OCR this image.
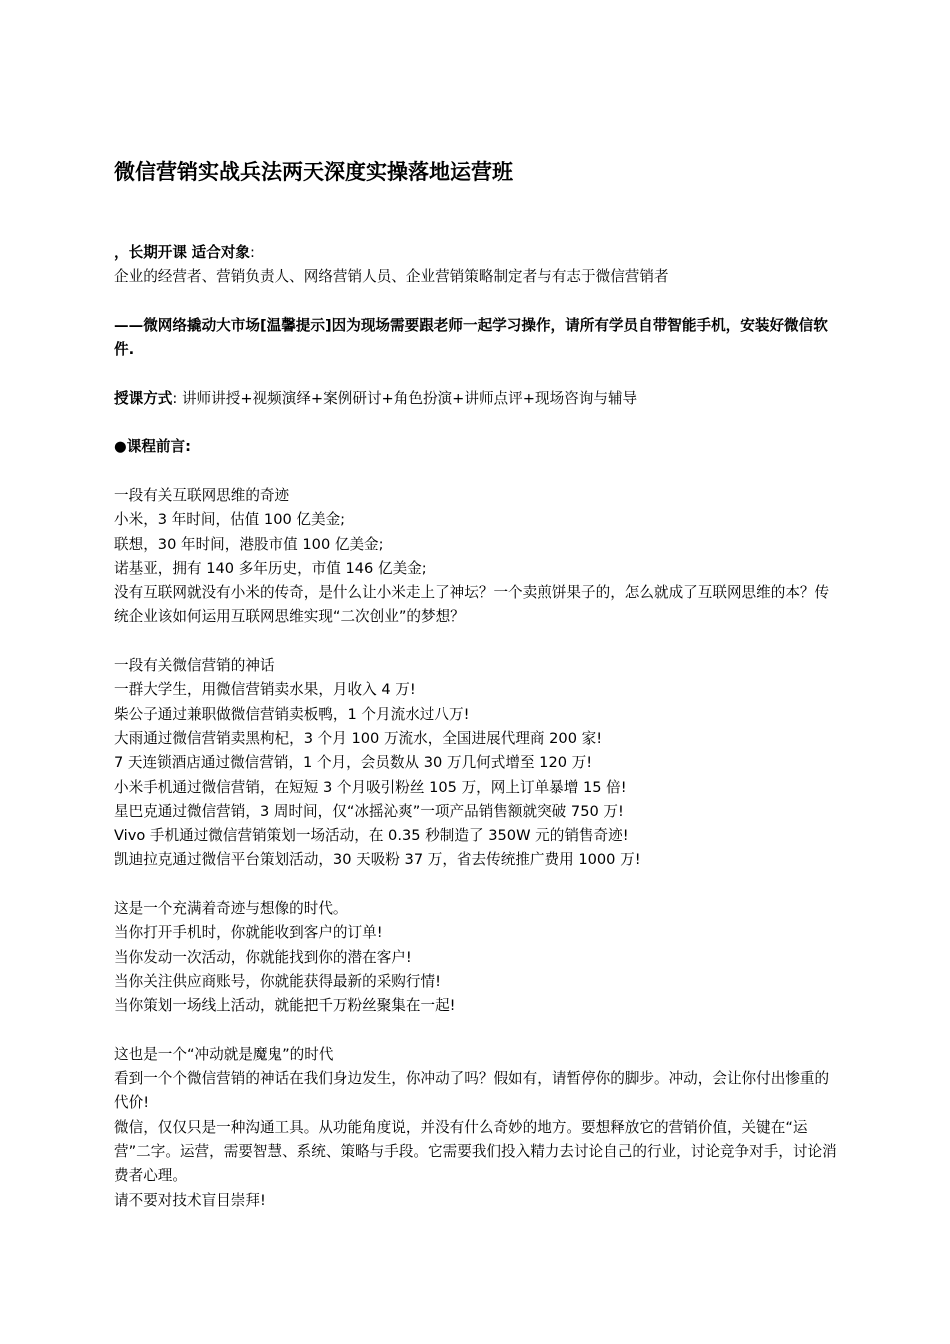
微信营销实战兵法两天深度实操落地运营班
，长期开课 适合对象:
企业的经营者、营销负责人、网络营销人员、企业营销策略制定者与有志于微信营销者
——微网络撬动大市场[温馨提示]因为现场需要跟老师一起学习操作，请所有学员自带智能手机，安装好微信软件.
授课方式: 讲师讲授+视频演绎+案例研讨+角色扮演+讲师点评+现场咨询与辅导
●课程前言:
一段有关互联网思维的奇迹
小米，3 年时间，估值 100 亿美金;
联想，30 年时间，港股市值 100 亿美金;
诺基亚，拥有 140 多年历史，市值 146 亿美金;
没有互联网就没有小米的传奇，是什么让小米走上了神坛？一个卖煎饼果子的，怎么就成了互联网思维的本？传统企业该如何运用互联网思维实现“二次创业”的梦想？
一段有关微信营销的神话
一群大学生，用微信营销卖水果，月收入 4 万!
柴公子通过兼职做微信营销卖板鸭，1 个月流水过八万!
大雨通过微信营销卖黑枸杞，3 个月 100 万流水，全国进展代理商 200 家!
7 天连锁酒店通过微信营销，1 个月，会员数从 30 万几何式增至 120 万!
小米手机通过微信营销，在短短 3 个月吸引粉丝 105 万，网上订单暴增 15 倍!
星巴克通过微信营销，3 周时间，仅“冰摇沁爽”一项产品销售额就突破 750 万!
Vivo 手机通过微信营销策划一场活动，在 0.35 秒制造了 350W 元的销售奇迹!
凯迪拉克通过微信平台策划活动，30 天吸粉 37 万，省去传统推广费用 1000 万!
这是一个充满着奇迹与想像的时代。
当你打开手机时，你就能收到客户的订单!
当你发动一次活动，你就能找到你的潜在客户!
当你关注供应商账号，你就能获得最新的采购行情!
当你策划一场线上活动，就能把千万粉丝聚集在一起!
这也是一个“冲动就是魔鬼”的时代
看到一个个微信营销的神话在我们身边发生，你冲动了吗？假如有，请暂停你的脚步。冲动，会让你付出惨重的代价!
微信，仅仅只是一种沟通工具。从功能角度说，并没有什么奇妙的地方。要想释放它的营销价值，关键在“运营”二字。运营，需要智慧、系统、策略与手段。它需要我们投入精力去讨论自己的行业，讨论竞争对手，讨论消费者心理。
请不要对技术盲目崇拜!
